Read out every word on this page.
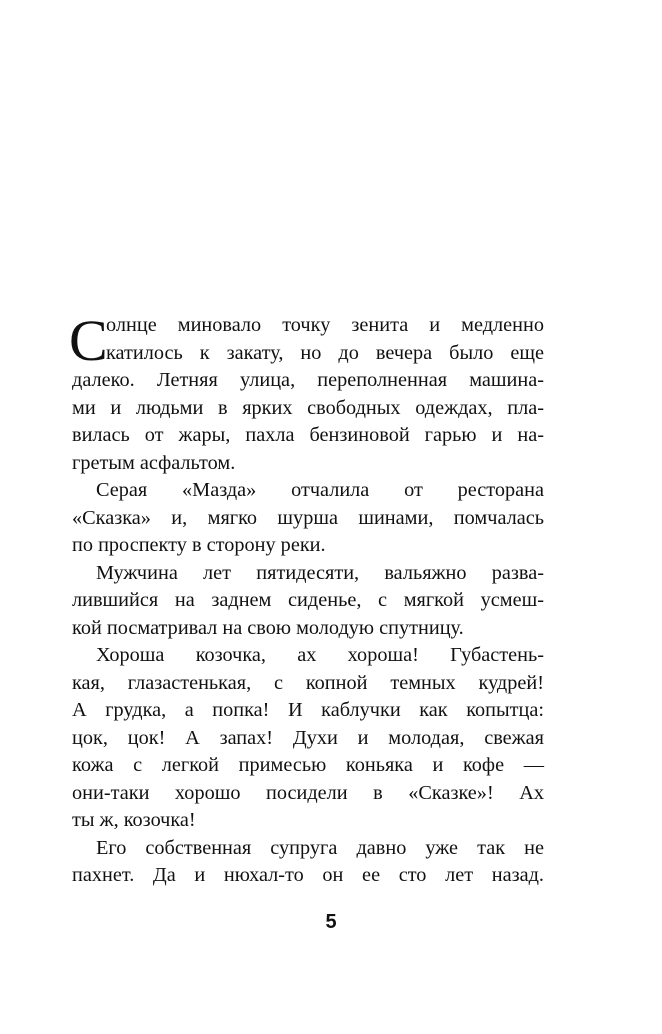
С
олнце миновало точку зенита и медленно
катилось к закату, но до вечера было еще
далеко. Летняя улица, переполненная машина-
ми и людьми в ярких свободных одеждах, пла-
вилась от жары, пахла бензиновой гарью и на-
гретым асфальтом.
Серая «Мазда» отчалила от ресторана
«Сказка» и, мягко шурша шинами, помчалась
по проспекту в сторону реки.
Мужчина лет пятидесяти, вальяжно разва-
лившийся на заднем сиденье, с мягкой усмеш-
кой посматривал на свою молодую спутницу.
Хороша козочка, ах хороша! Губастень-
кая, глазастенькая, с копной темных кудрей!
А грудка, а попка! И каблучки как копытца:
цок, цок! А запах! Духи и молодая, свежая
кожа с легкой примесью коньяка и кофе —
они-таки хорошо посидели в «Сказке»! Ах
ты ж, козочка!
Его собственная супруга давно уже так не
пахнет. Да и нюхал-то он ее сто лет назад.
5
